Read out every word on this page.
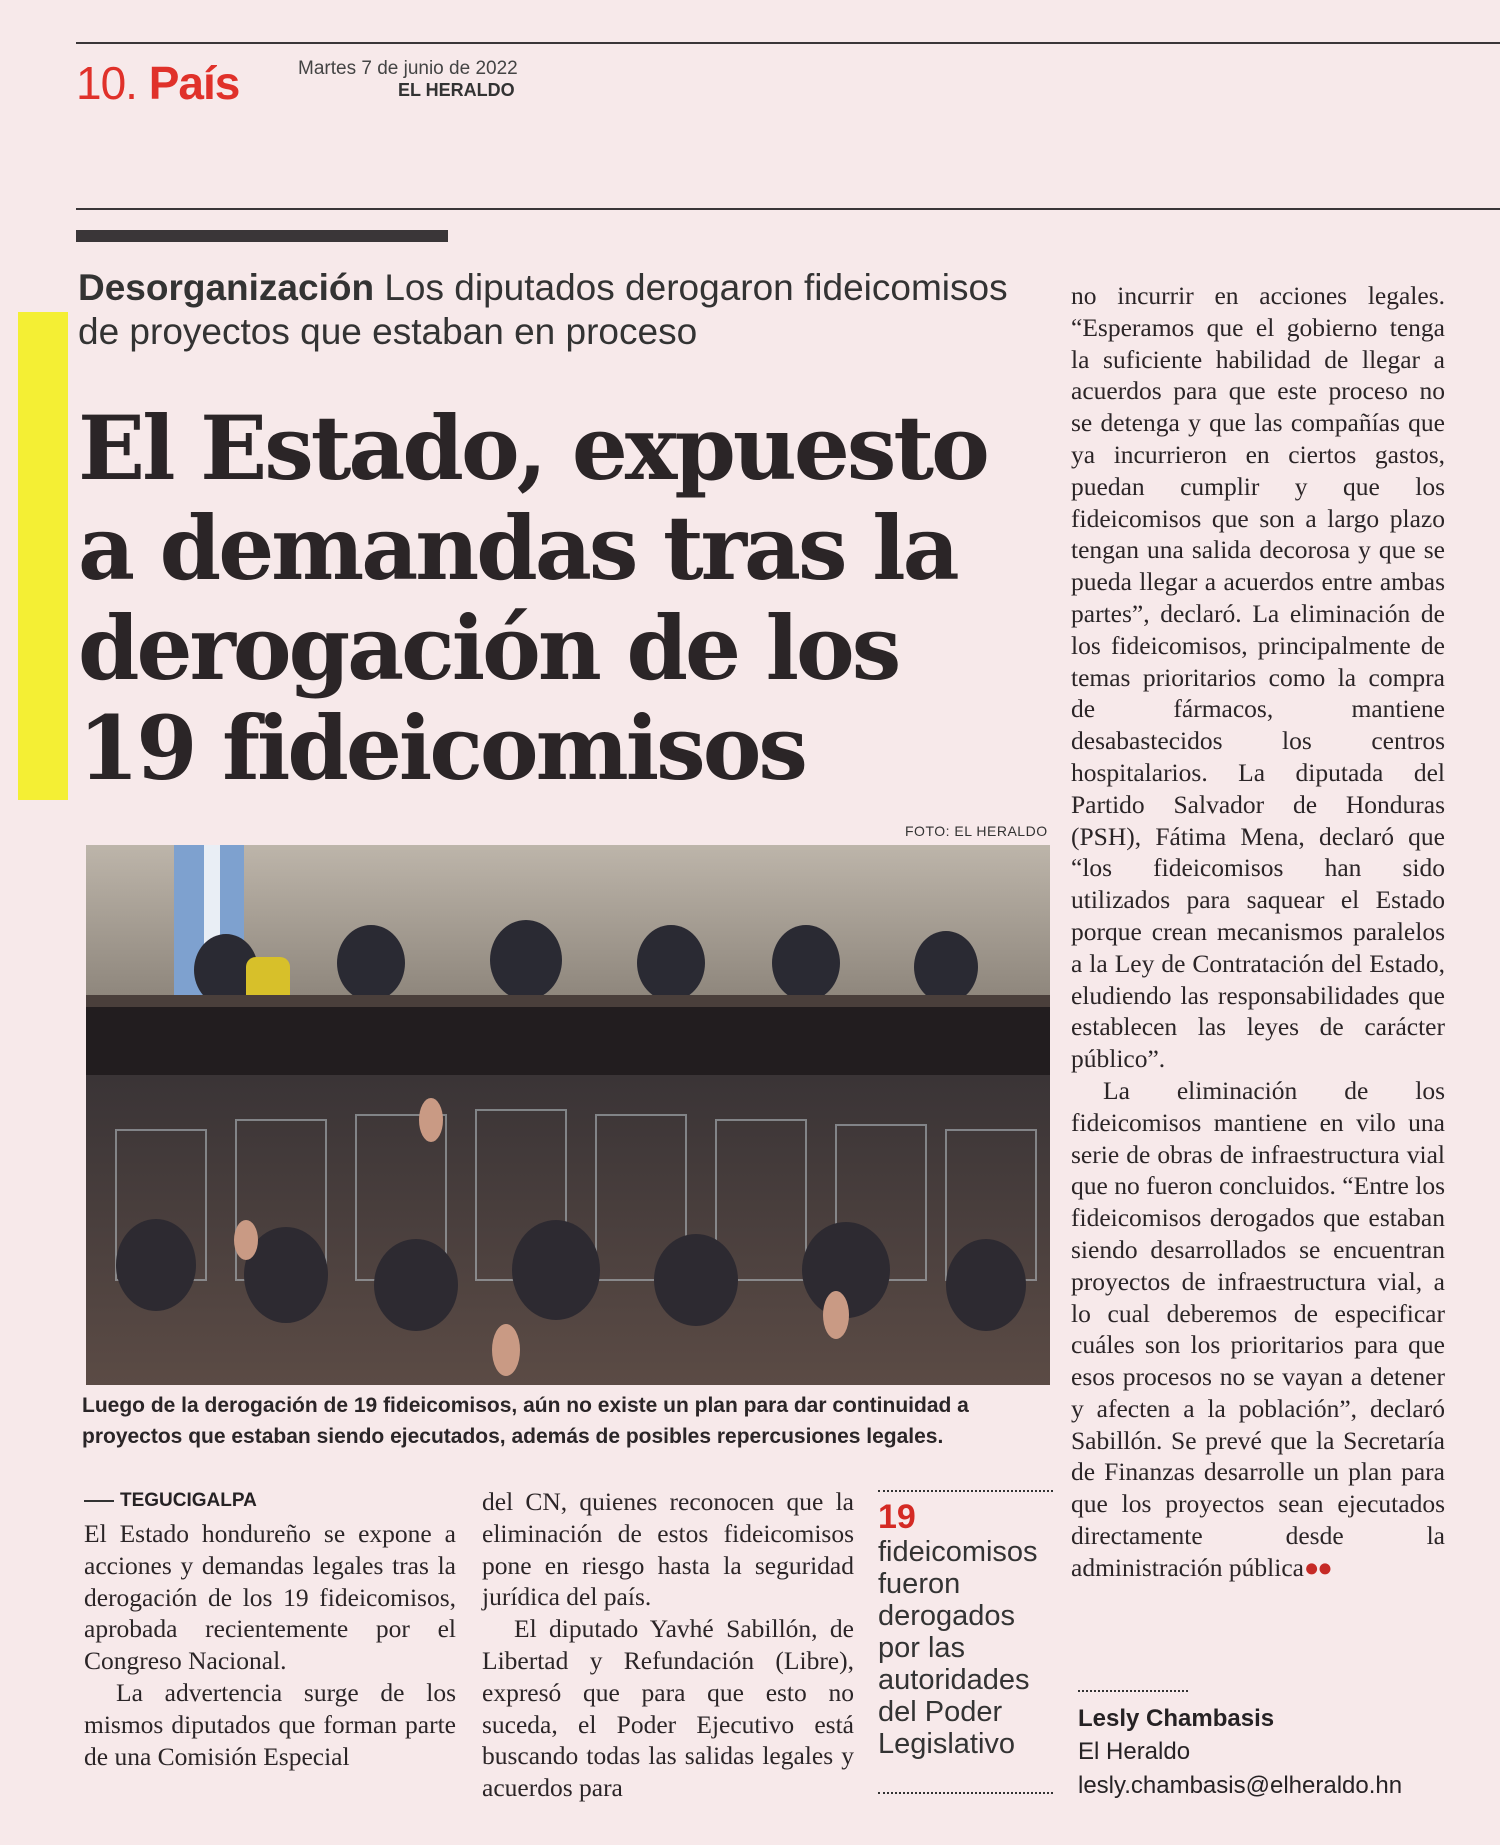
10. País	Martes 7 de junio de 2022
EL HERALDO
Desorganización Los diputados derogaron fideicomisos de proyectos que estaban en proceso
El Estado, expuesto a demandas tras la derogación de los 19 fideicomisos
FOTO: EL HERALDO
Luego de la derogación de 19 fideicomisos, aún no existe un plan para dar continuidad a proyectos que estaban siendo ejecutados, además de posibles repercusiones legales.
TEGUCIGALPA

El Estado hondureño se expone a acciones y demandas legales tras la derogación de los 19 fideicomisos, aprobada recientemente por el Congreso Nacional.

La advertencia surge de los mismos diputados que forman parte de una Comisión Especial

del CN, quienes reconocen que la eliminación de estos fideicomisos pone en riesgo hasta la seguridad jurídica del país.

El diputado Yavhé Sabillón, de Libertad y Refundación (Libre), expresó que para que esto no suceda, el Poder Ejecutivo está buscando todas las salidas legales y acuerdos para

19
fideicomisos fueron derogados por las autoridades del Poder Legislativo

no incurrir en acciones legales. “Esperamos que el gobierno tenga la suficiente habilidad de llegar a acuerdos para que este proceso no se detenga y que las compañías que ya incurrieron en ciertos gastos, puedan cumplir y que los fideicomisos que son a largo plazo tengan una salida decorosa y que se pueda llegar a acuerdos entre ambas partes”, declaró. La eliminación de los fideicomisos, principalmente de temas prioritarios como la compra de fármacos, mantiene desabastecidos los centros hospitalarios. La diputada del Partido Salvador de Honduras (PSH), Fátima Mena, declaró que “los fideicomisos han sido utilizados para saquear el Estado porque crean mecanismos paralelos a la Ley de Contratación del Estado, eludiendo las responsabilidades que establecen las leyes de carácter público”.

La eliminación de los fideicomisos mantiene en vilo una serie de obras de infraestructura vial que no fueron concluidos. “Entre los fideicomisos derogados que estaban siendo desarrollados se encuentran proyectos de infraestructura vial, a lo cual deberemos de especificar cuáles son los prioritarios para que esos procesos no se vayan a detener y afecten a la población”, declaró Sabillón. Se prevé que la Secretaría de Finanzas desarrolle un plan para que los proyectos sean ejecutados directamente desde la administración pública●●

Lesly Chambasis
El Heraldo
lesly.chambasis@elheraldo.hn
